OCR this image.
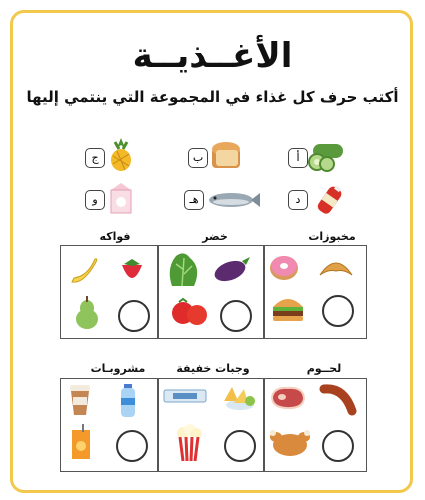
الأغــذيــة
أكتب حرف كل غذاء في المجموعة التي ينتمي إليها
أ
ب
ج
د
هـ
و
مخبوزات
خضر
فواكه
لحــوم
وجبات خفيفة
مشروبـات
